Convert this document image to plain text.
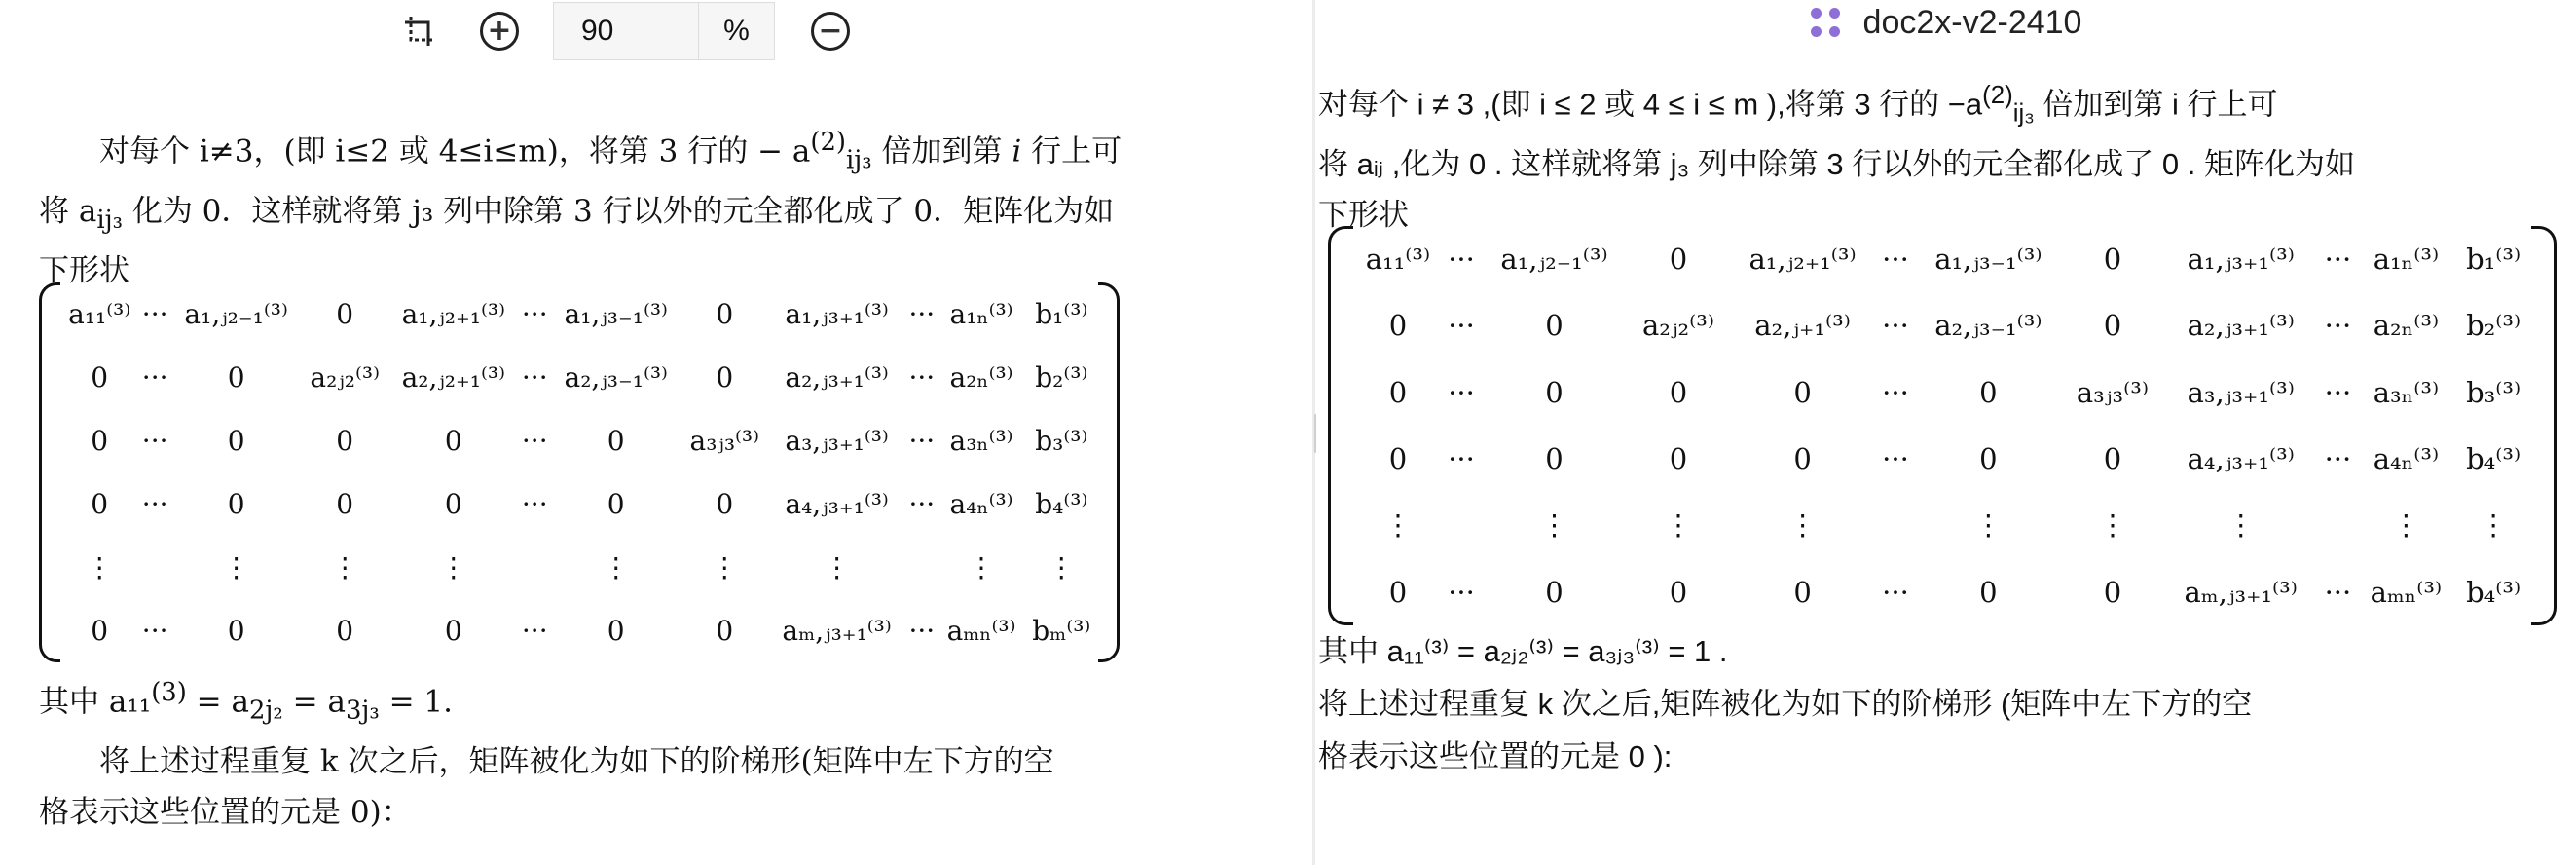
+	90	%	−

对每个 i≠3，(即 i≤2 或 4≤i≤m)，将第 3 行的 − $a^{(2)}_{ij_3}$ 倍加到第 i 行上可

将 $a_{ij_3}$ 化为 0．这样就将第 j₃ 列中除第 3 行以外的元全都化成了 0．矩阵化为如

下形状

a₁₁⁽³⁾	···	a₁,ⱼ₂₋₁⁽³⁾	0	a₁,ⱼ₂₊₁⁽³⁾	···	a₁,ⱼ₃₋₁⁽³⁾	0	a₁,ⱼ₃₊₁⁽³⁾	···	a₁ₙ⁽³⁾	b₁⁽³⁾
0	···	0	a₂ⱼ₂⁽³⁾	a₂,ⱼ₂₊₁⁽³⁾	···	a₂,ⱼ₃₋₁⁽³⁾	0	a₂,ⱼ₃₊₁⁽³⁾	···	a₂ₙ⁽³⁾	b₂⁽³⁾
0	···	0	0	0	···	0	a₃ⱼ₃⁽³⁾	a₃,ⱼ₃₊₁⁽³⁾	···	a₃ₙ⁽³⁾	b₃⁽³⁾
0	···	0	0	0	···	0	0	a₄,ⱼ₃₊₁⁽³⁾	···	a₄ₙ⁽³⁾	b₄⁽³⁾
⋮		⋮	⋮	⋮		⋮	⋮	⋮		⋮	⋮
0	···	0	0	0	···	0	0	aₘ,ⱼ₃₊₁⁽³⁾	···	aₘₙ⁽³⁾	bₘ⁽³⁾

其中 $a_{11}^{(3)} = a_{2j_2} = a_{3j_3} = 1$.

将上述过程重复 k 次之后，矩阵被化为如下的阶梯形(矩阵中左下方的空

格表示这些位置的元是 0)：

doc2x-v2-2410

对每个 i ≠ 3 ,(即 i ≤ 2 或 4 ≤ i ≤ m ),将第 3 行的 $-a^{(2)}_{ij_3}$ 倍加到第 i 行上可

将 aᵢⱼ ,化为 0 . 这样就将第 j₃ 列中除第 3 行以外的元全都化成了 0 . 矩阵化为如

下形状

a₁₁⁽³⁾	···	a₁,ⱼ₂₋₁⁽³⁾	0	a₁,ⱼ₂₊₁⁽³⁾	···	a₁,ⱼ₃₋₁⁽³⁾	0	a₁,ⱼ₃₊₁⁽³⁾	···	a₁ₙ⁽³⁾	b₁⁽³⁾
0	···	0	a₂ⱼ₂⁽³⁾	a₂,ⱼ₊₁⁽³⁾	···	a₂,ⱼ₃₋₁⁽³⁾	0	a₂,ⱼ₃₊₁⁽³⁾	···	a₂ₙ⁽³⁾	b₂⁽³⁾
0	···	0	0	0	···	0	a₃ⱼ₃⁽³⁾	a₃,ⱼ₃₊₁⁽³⁾	···	a₃ₙ⁽³⁾	b₃⁽³⁾
0	···	0	0	0	···	0	0	a₄,ⱼ₃₊₁⁽³⁾	···	a₄ₙ⁽³⁾	b₄⁽³⁾
⋮		⋮	⋮	⋮		⋮	⋮	⋮		⋮	⋮
0	···	0	0	0	···	0	0	aₘ,ⱼ₃₊₁⁽³⁾	···	aₘₙ⁽³⁾	b₄⁽³⁾

其中 a₁₁⁽³⁾ = a₂ⱼ₂⁽³⁾ = a₃ⱼ₃⁽³⁾ = 1 .

将上述过程重复 k 次之后,矩阵被化为如下的阶梯形 (矩阵中左下方的空

格表示这些位置的元是 0 ):
